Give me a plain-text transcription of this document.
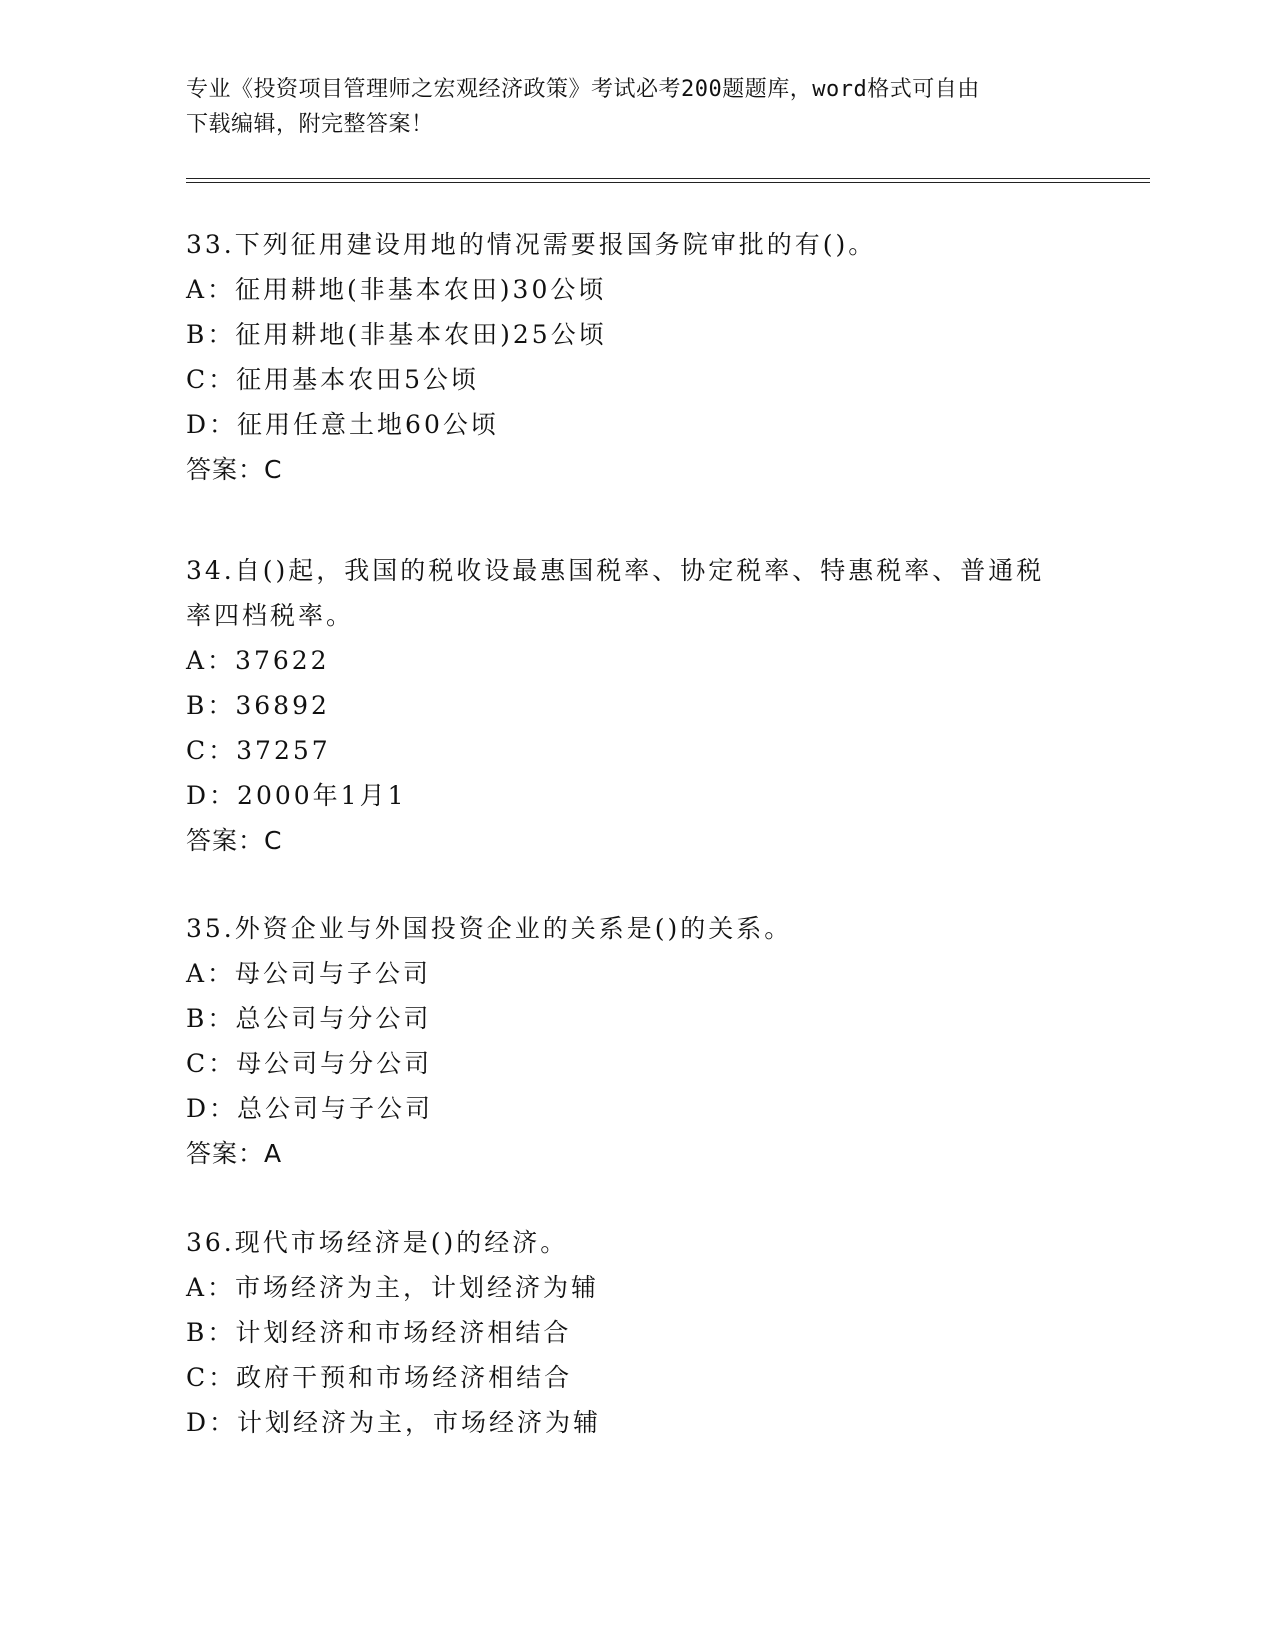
专业《投资项目管理师之宏观经济政策》考试必考200题题库，word格式可自由
下载编辑，附完整答案！
33.下列征用建设用地的情况需要报国务院审批的有()。
A：征用耕地(非基本农田)30公顷
B：征用耕地(非基本农田)25公顷
C：征用基本农田5公顷
D：征用任意土地60公顷
答案：C
34.自()起，我国的税收设最惠国税率、协定税率、特惠税率、普通税率四档税率。
A：37622
B：36892
C：37257
D：2000年1月1
答案：C
35.外资企业与外国投资企业的关系是()的关系。
A：母公司与子公司
B：总公司与分公司
C：母公司与分公司
D：总公司与子公司
答案：A
36.现代市场经济是()的经济。
A：市场经济为主，计划经济为辅
B：计划经济和市场经济相结合
C：政府干预和市场经济相结合
D：计划经济为主，市场经济为辅
